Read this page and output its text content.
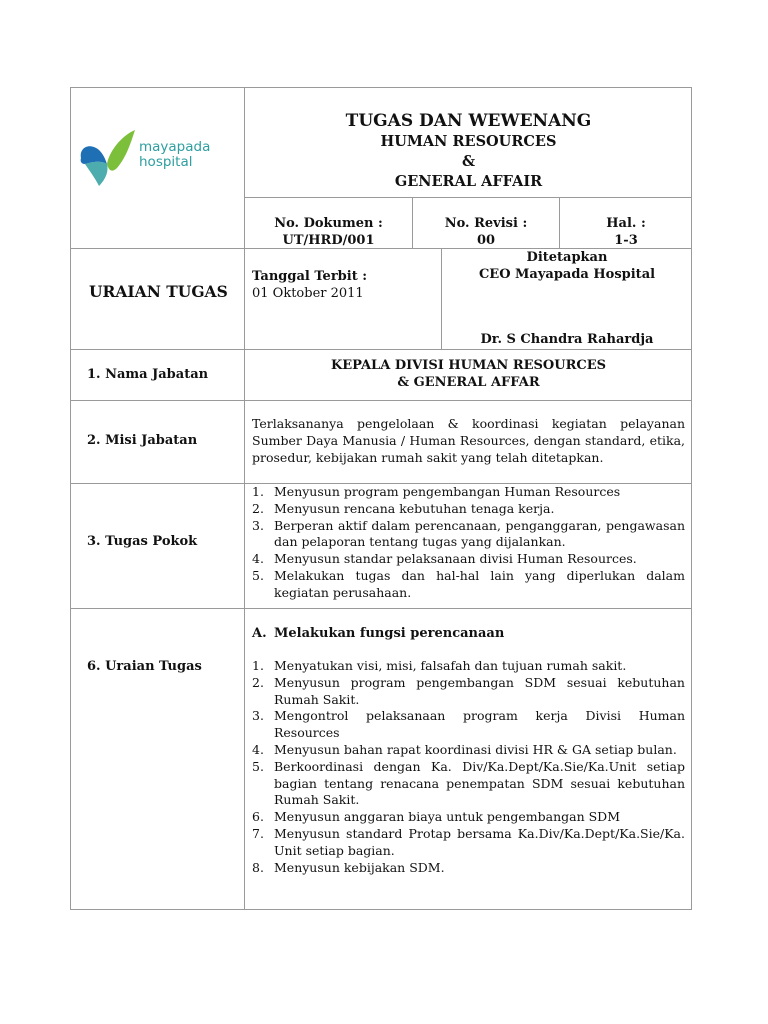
mayapada
hospital
TUGAS DAN WEWENANG
HUMAN RESOURCES
&
GENERAL AFFAIR
No. Dokumen :
UT/HRD/001
No. Revisi :
00
Hal. :
1-3
URAIAN TUGAS
Tanggal Terbit :
01 Oktober 2011
Ditetapkan
CEO Mayapada Hospital
Dr. S Chandra Rahardja
1. Nama Jabatan
KEPALA DIVISI HUMAN RESOURCES
& GENERAL AFFAR
2. Misi Jabatan
Terlaksananya pengelolaan & koordinasi kegiatan pelayanan Sumber Daya Manusia / Human Resources, dengan standard, etika, prosedur, kebijakan rumah sakit yang telah ditetapkan.
3. Tugas Pokok
1. Menyusun program pengembangan Human Resources
2. Menyusun rencana kebutuhan tenaga kerja.
3. Berperan aktif dalam perencanaan, penganggaran, pengawasan dan pelaporan tentang tugas yang dijalankan.
4. Menyusun standar pelaksanaan divisi Human Resources.
5. Melakukan tugas dan hal-hal lain yang diperlukan dalam kegiatan perusahaan.
6. Uraian Tugas
A. Melakukan fungsi perencanaan
1. Menyatukan visi, misi, falsafah dan tujuan rumah sakit.
2. Menyusun program pengembangan SDM sesuai kebutuhan Rumah Sakit.
3. Mengontrol pelaksanaan program kerja Divisi Human Resources
4. Menyusun bahan rapat koordinasi divisi HR & GA setiap bulan.
5. Berkoordinasi dengan Ka. Div/Ka.Dept/Ka.Sie/Ka.Unit setiap bagian tentang renacana penempatan SDM sesuai kebutuhan Rumah Sakit.
6. Menyusun anggaran biaya untuk pengembangan SDM
7. Menyusun standard Protap bersama Ka.Div/Ka.Dept/Ka.Sie/Ka. Unit setiap bagian.
8. Menyusun kebijakan SDM.
